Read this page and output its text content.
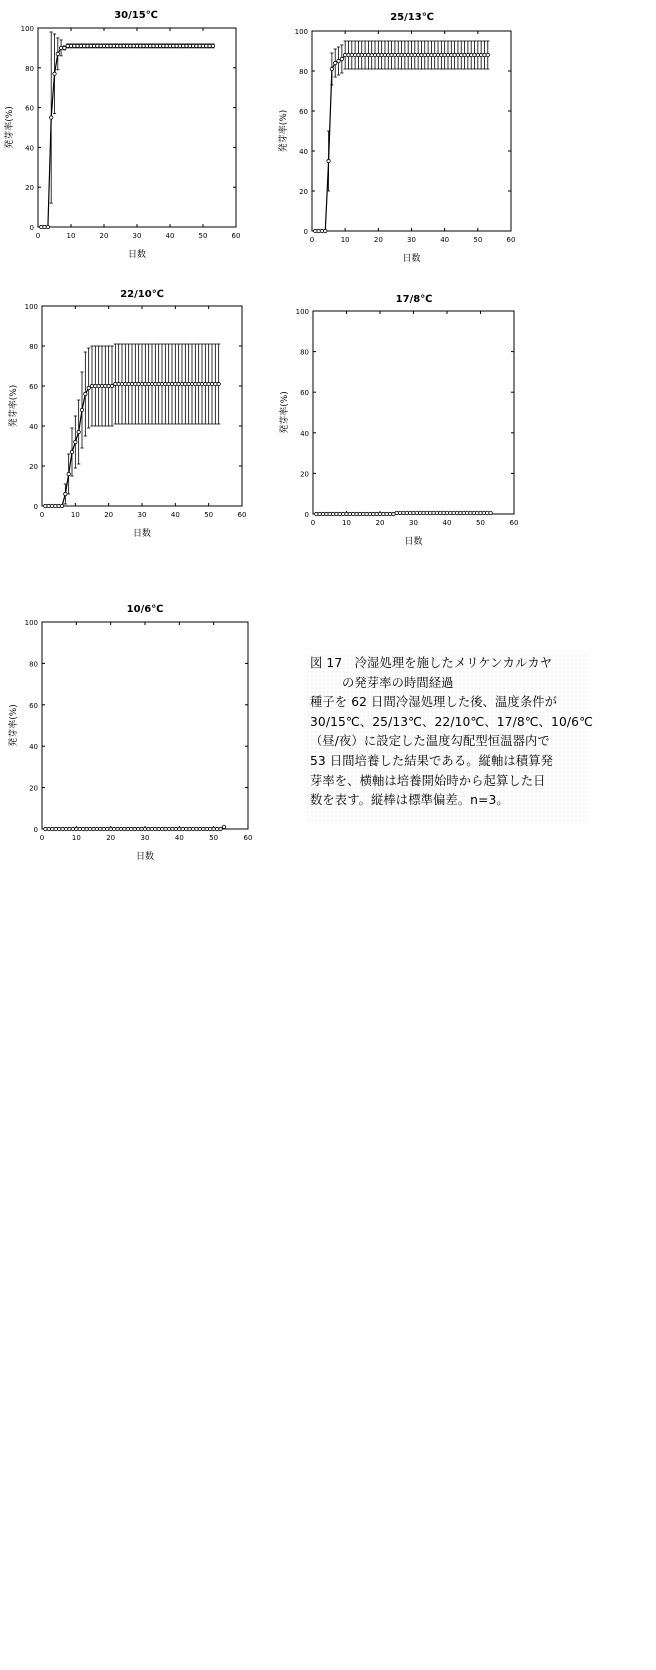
30/15℃
0
20
40
60
80
100
0	10	20	30	40	50	60
日数
発芽率(%)
25/13℃
0
20
40
60
80
100
0	10	20	30	40	50	60
日数
発芽率(%)
22/10℃
0
20
40
60
80
100
0	10	20	30	40	50	60
日数
発芽率(%)
17/8℃
0
20
40
60
80
100
0	10	20	30	40	50	60
日数
発芽率(%)
10/6℃
0
20
40
60
80
100
0	10	20	30	40	50	60
日数
発芽率(%)
図 17　冷湿処理を施したメリケンカルカヤ
の発芽率の時間経過
種子を 62 日間冷湿処理した後、温度条件が
30/15℃、25/13℃、22/10℃、17/8℃、10/6℃
（昼/夜）に設定した温度勾配型恒温器内で
53 日間培養した結果である。縦軸は積算発
芽率を、横軸は培養開始時から起算した日
数を表す。縦棒は標準偏差。n=3。
